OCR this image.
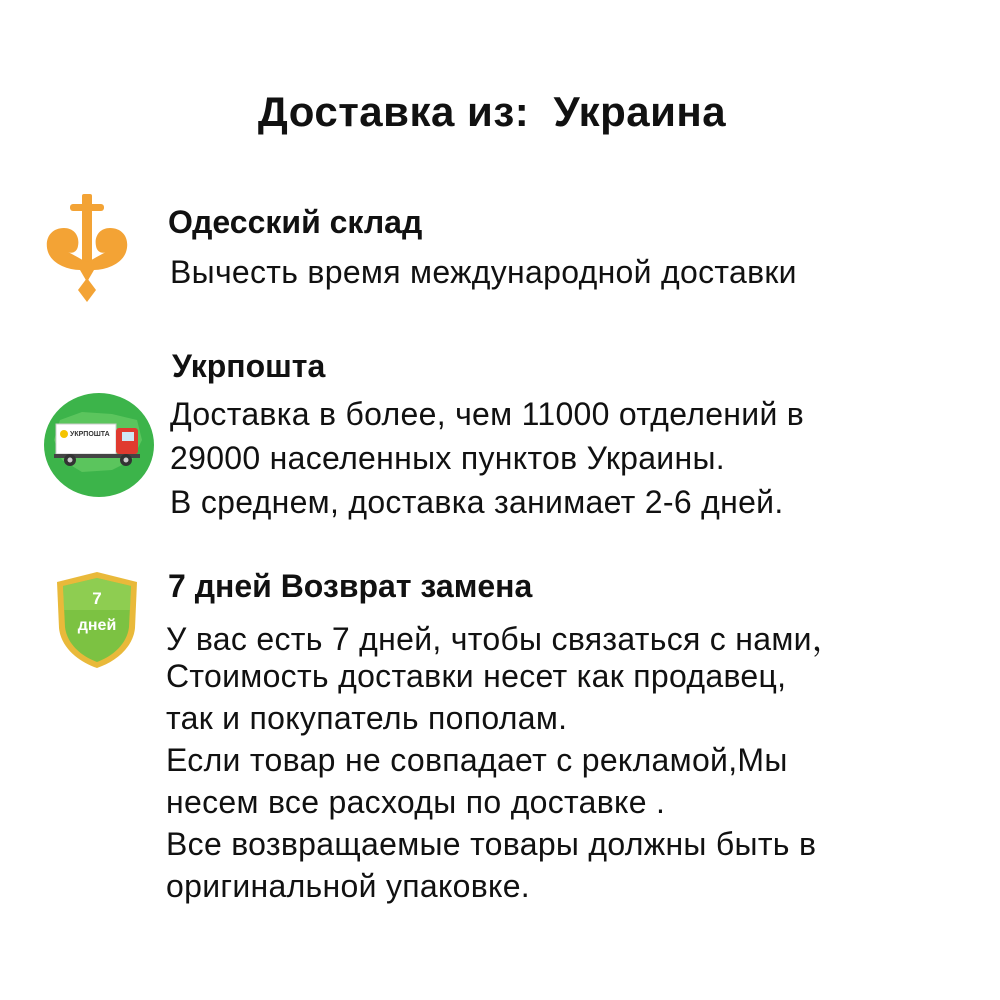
Доставка из:  Украина
Одесский склад
Вычесть время международной доставки
УКРПОШТА
Укрпошта
Доставка в более, чем 11000 отделений в
29000 населенных пунктов Украины.
В среднем, доставка занимает 2-6 дней.
7
дней
7 дней Возврат замена
У вас есть 7 дней, чтобы связаться с нами，
Стоимость доставки несет как продавец,
так и покупатель пополам.
Если товар не совпадает с рекламой,Мы
несем все расходы по доставке .
Все возвращаемые товары должны быть в
оригинальной упаковке.
